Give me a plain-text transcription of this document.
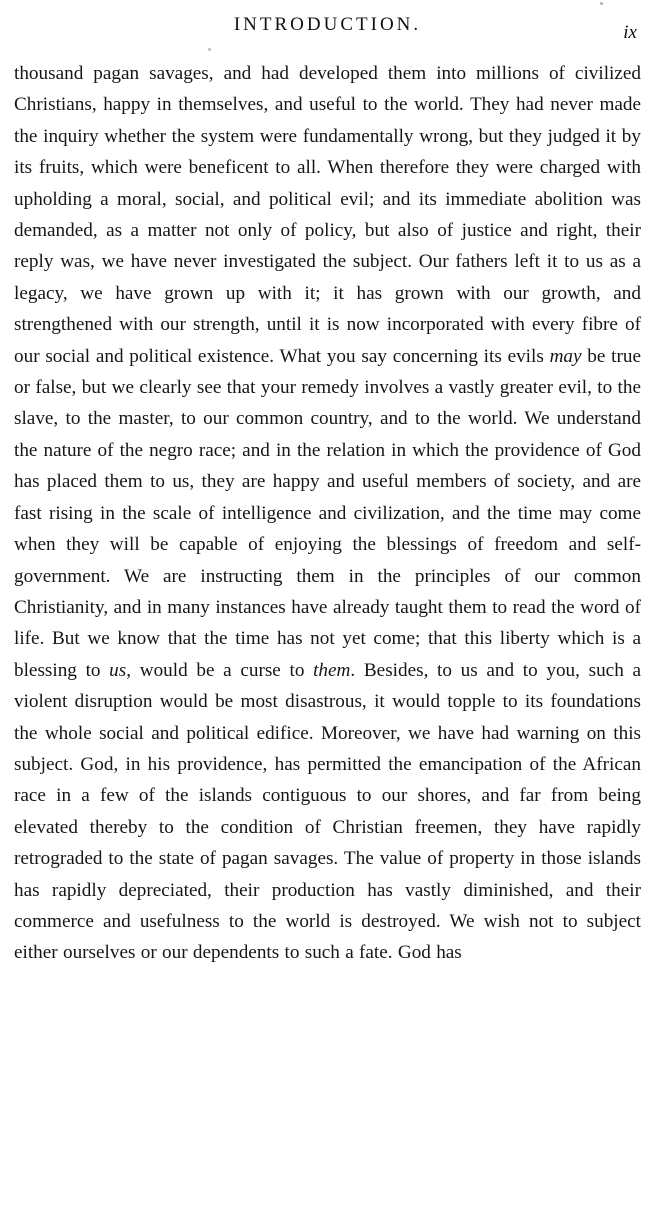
INTRODUCTION.	ix

thousand pagan savages, and had developed them into millions of civilized Christians, happy in themselves, and useful to the world. They had never made the inquiry whether the system were fundamentally wrong, but they judged it by its fruits, which were beneficent to all. When therefore they were charged with upholding a moral, social, and political evil; and its immediate abolition was demanded, as a matter not only of policy, but also of justice and right, their reply was, we have never investigated the subject. Our fathers left it to us as a legacy, we have grown up with it; it has grown with our growth, and strengthened with our strength, until it is now incorporated with every fibre of our social and political existence. What you say concerning its evils may be true or false, but we clearly see that your remedy involves a vastly greater evil, to the slave, to the master, to our common country, and to the world. We understand the nature of the negro race; and in the relation in which the providence of God has placed them to us, they are happy and useful members of society, and are fast rising in the scale of intelligence and civilization, and the time may come when they will be capable of enjoying the blessings of freedom and self-government. We are instructing them in the principles of our common Christianity, and in many instances have already taught them to read the word of life. But we know that the time has not yet come; that this liberty which is a blessing to us, would be a curse to them. Besides, to us and to you, such a violent disruption would be most disastrous, it would topple to its foundations the whole social and political edifice. Moreover, we have had warning on this subject. God, in his providence, has permitted the emancipation of the African race in a few of the islands contiguous to our shores, and far from being elevated thereby to the condition of Christian freemen, they have rapidly retrograded to the state of pagan savages. The value of property in those islands has rapidly depreciated, their production has vastly diminished, and their commerce and usefulness to the world is destroyed. We wish not to subject either ourselves or our dependents to such a fate. God has
